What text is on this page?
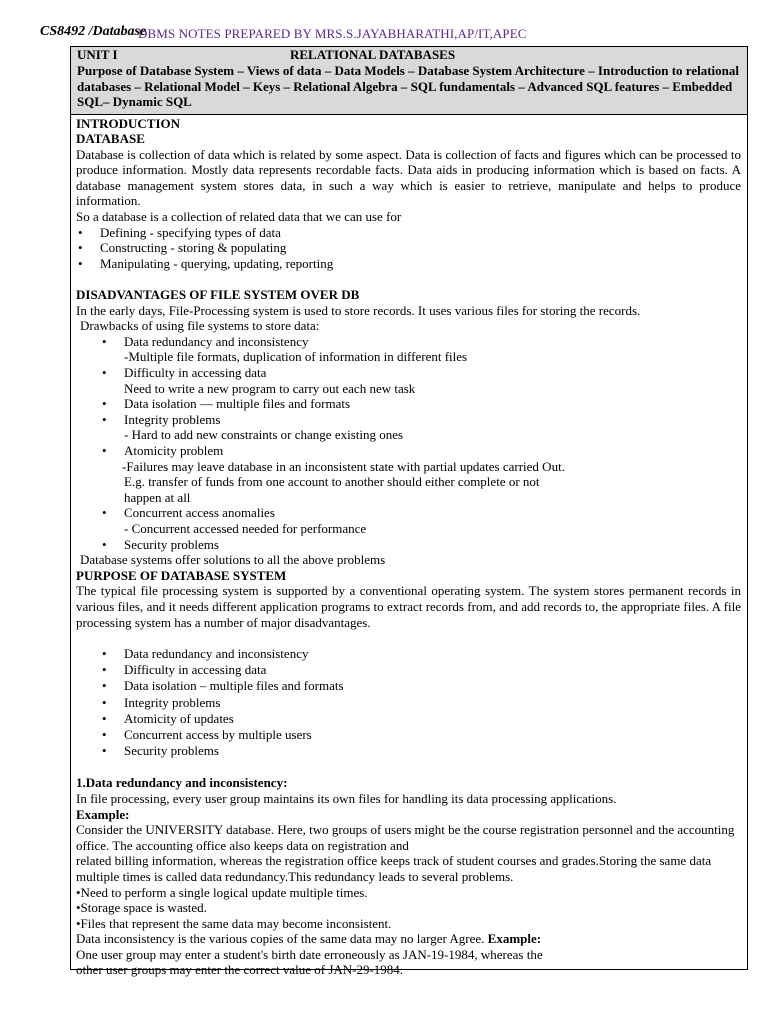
CS8492 /Database
DBMS NOTES PREPARED BY MRS.S.JAYABHARATHI,AP/IT,APEC
UNIT I	RELATIONAL DATABASES
Purpose of Database System – Views of data – Data Models – Database System Architecture – Introduction to relational databases – Relational Model – Keys – Relational Algebra – SQL fundamentals – Advanced SQL features – Embedded SQL– Dynamic SQL

INTRODUCTION

DATABASE

Database is collection of data which is related by some aspect. Data is collection of facts and figures which can be processed to produce information. Mostly data represents recordable facts. Data aids in producing information which is based on facts. A database management system stores data, in such a way which is easier to retrieve, manipulate and helps to produce information.

So a database is a collection of related data that we can use for

• Defining - specifying types of data
• Constructing - storing & populating
• Manipulating - querying, updating, reporting

DISADVANTAGES OF FILE SYSTEM OVER DB

In the early days, File-Processing system is used to store records. It uses various files for storing the records.

Drawbacks of using file systems to store data:

• Data redundancy and inconsistency

-Multiple file formats, duplication of information in different files

• Difficulty in accessing data

Need to write a new program to carry out each new task

• Data isolation — multiple files and formats
• Integrity problems

- Hard to add new constraints or change existing ones

• Atomicity problem

-Failures may leave database in an inconsistent state with partial updates carried Out.

E.g. transfer of funds from one account to another should either complete or not

happen at all

• Concurrent access anomalies

- Concurrent accessed needed for performance

• Security problems

Database systems offer solutions to all the above problems

PURPOSE OF DATABASE SYSTEM

The typical file processing system is supported by a conventional operating system. The system stores permanent records in various files, and it needs different application programs to extract records from, and add records to, the appropriate files. A file processing system has a number of major disadvantages.

• Data redundancy and inconsistency
• Difficulty in accessing data
• Data isolation – multiple files and formats
• Integrity problems
• Atomicity of updates
• Concurrent access by multiple users
• Security problems

1.Data redundancy and inconsistency:

In file processing, every user group maintains its own files for handling its data processing applications.

Example:

Consider the UNIVERSITY database. Here, two groups of users might be the course registration personnel and the accounting office. The accounting office also keeps data on registration and

related billing information, whereas the registration office keeps track of student courses and grades.Storing the same data multiple times is called data redundancy.This redundancy leads to several problems.

•Need to perform a single logical update multiple times.

•Storage space is wasted.

•Files that represent the same data may become inconsistent.

Data inconsistency is the various copies of the same data may no larger Agree. Example:

One user group may enter a student's birth date erroneously as JAN-19-1984, whereas the

other user groups may enter the correct value of JAN-29-1984.
